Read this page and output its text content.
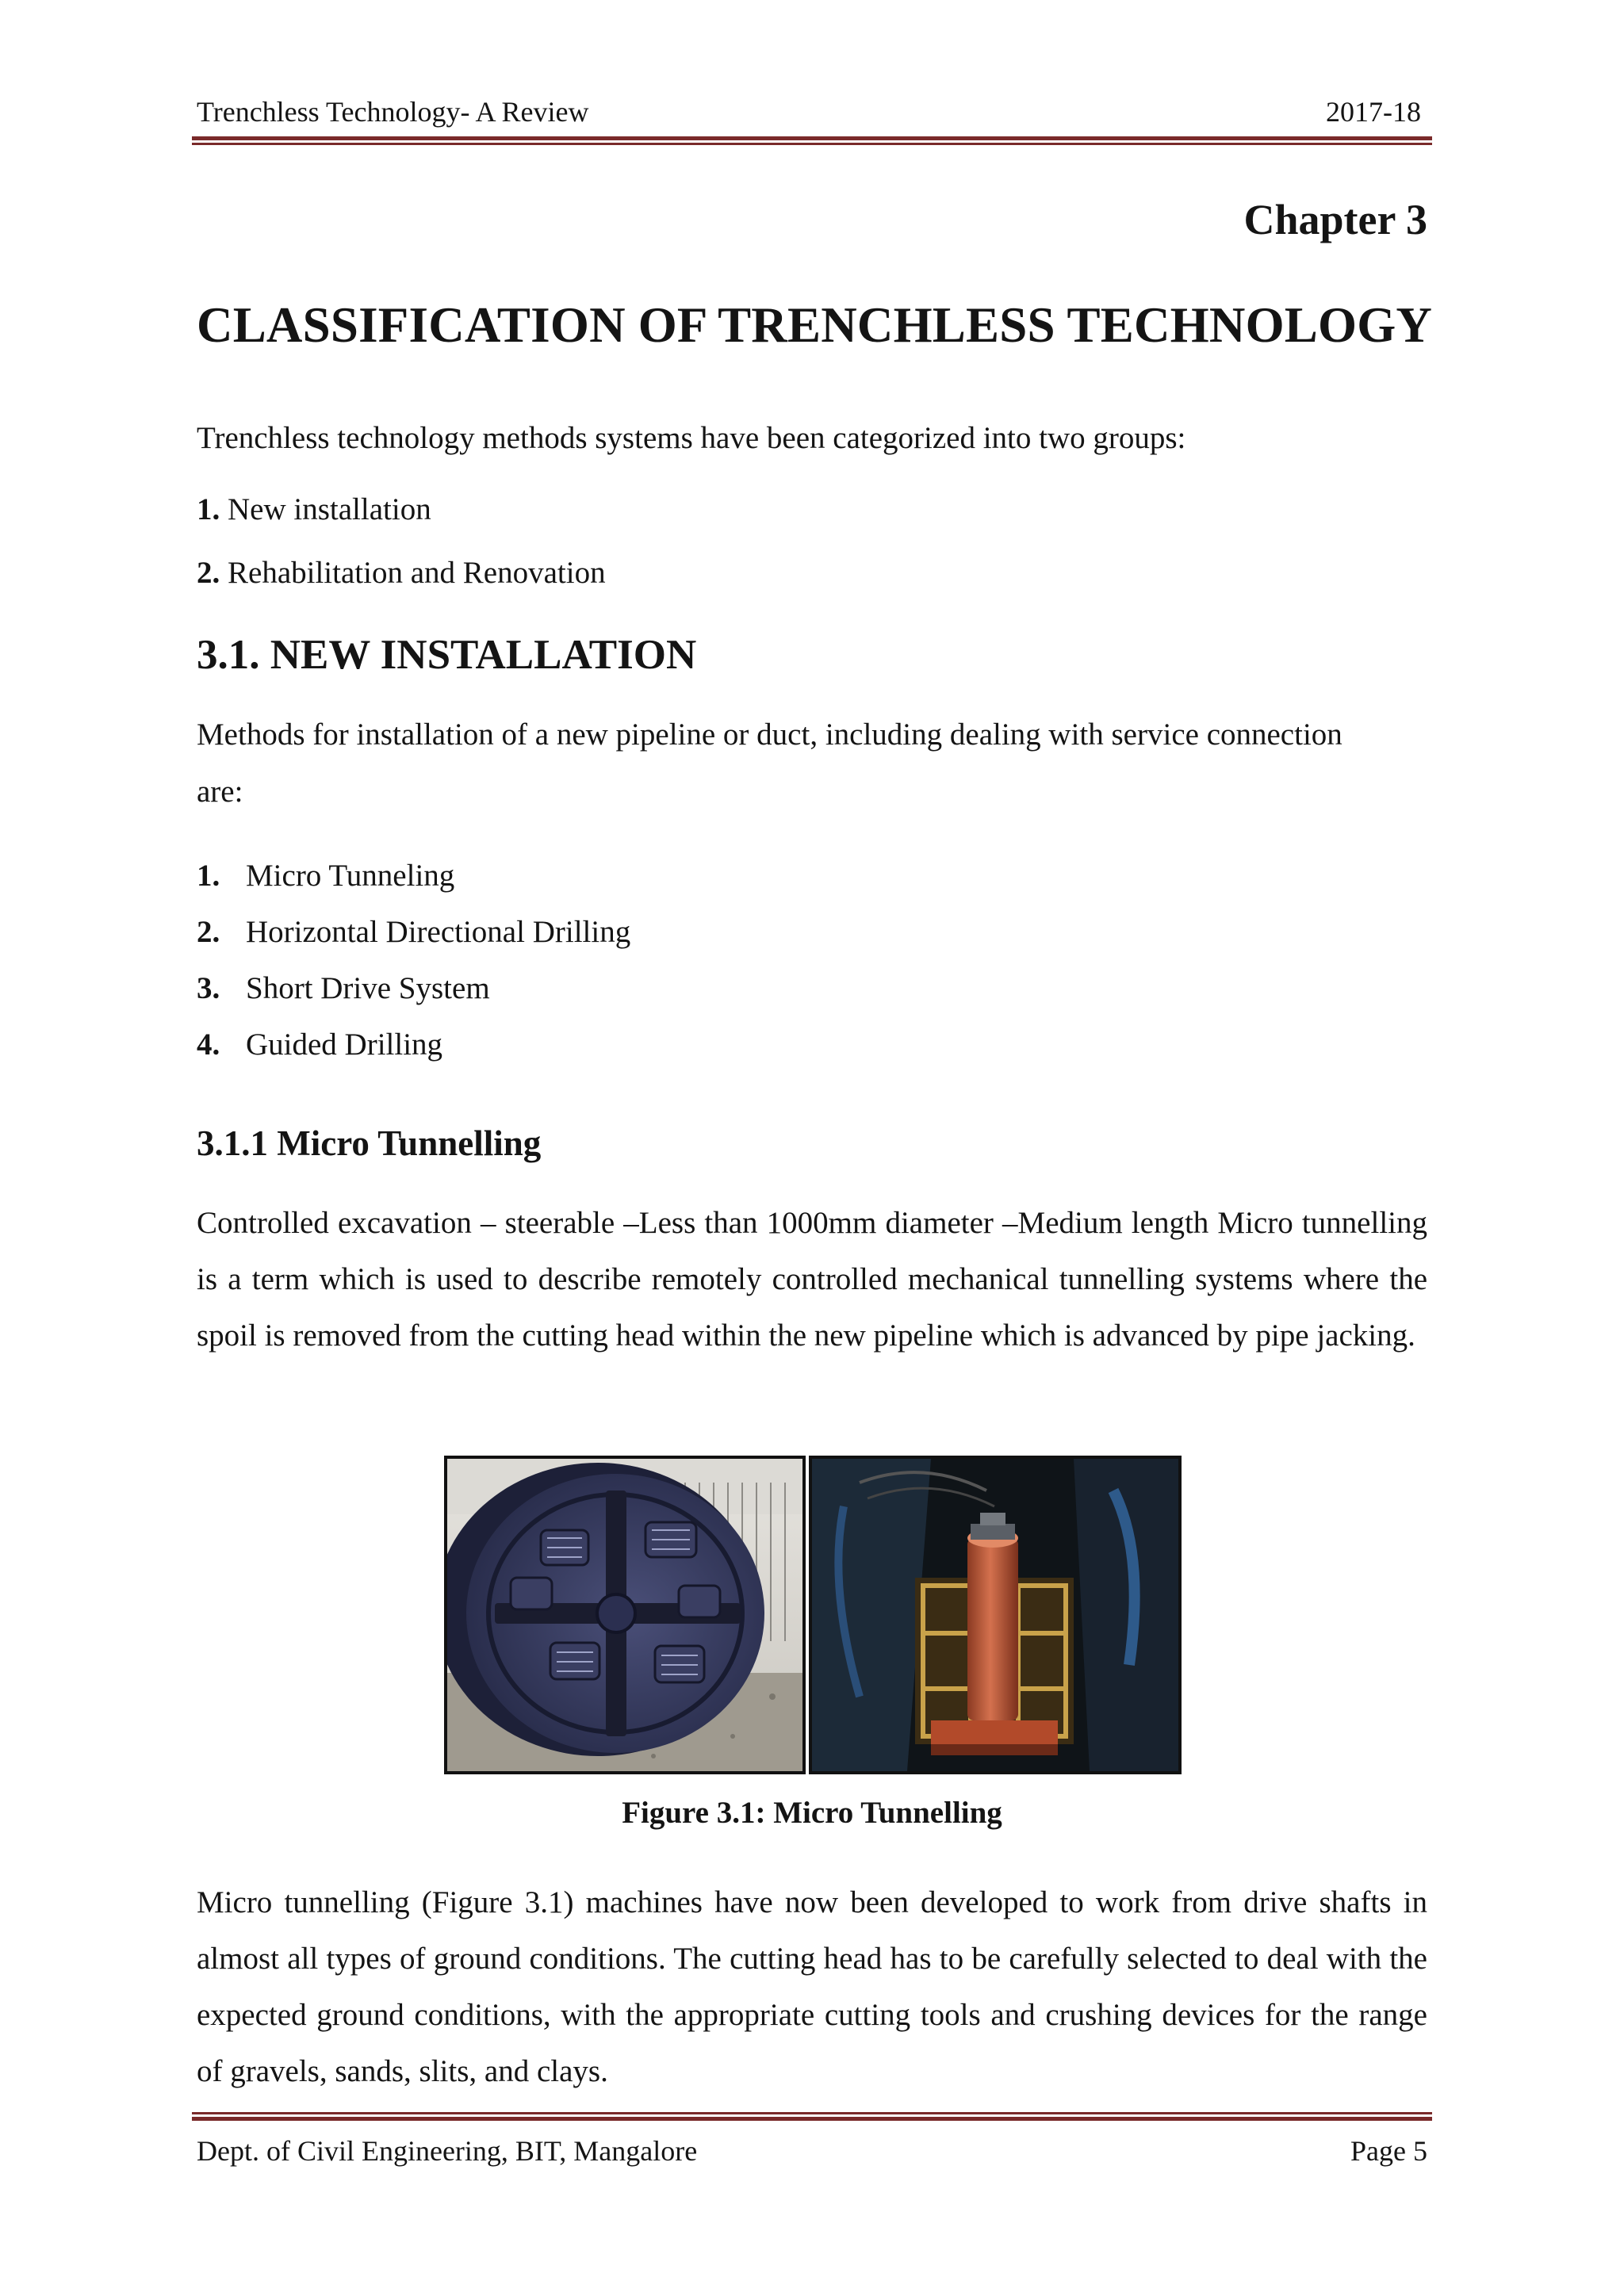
Trenchless Technology- A Review	2017-18
Chapter 3
CLASSIFICATION OF TRENCHLESS TECHNOLOGY
Trenchless technology methods systems have been categorized into two groups:
1. New installation
2. Rehabilitation and Renovation
3.1. NEW INSTALLATION
Methods for installation of a new pipeline or duct, including dealing with service connection
are:
1. Micro Tunneling
2. Horizontal Directional Drilling
3. Short Drive System
4. Guided Drilling
3.1.1 Micro Tunnelling
Controlled excavation – steerable –Less than 1000mm diameter –Medium length Micro tunnelling is a term which is used to describe remotely controlled mechanical tunnelling systems where the spoil is removed from the cutting head within the new pipeline which is advanced by pipe jacking.
Figure 3.1: Micro Tunnelling
Micro tunnelling (Figure 3.1) machines have now been developed to work from drive shafts in almost all types of ground conditions. The cutting head has to be carefully selected to deal with the expected ground conditions, with the appropriate cutting tools and crushing devices for the range of gravels, sands, slits, and clays.
Dept. of Civil Engineering, BIT, Mangalore	Page 5
